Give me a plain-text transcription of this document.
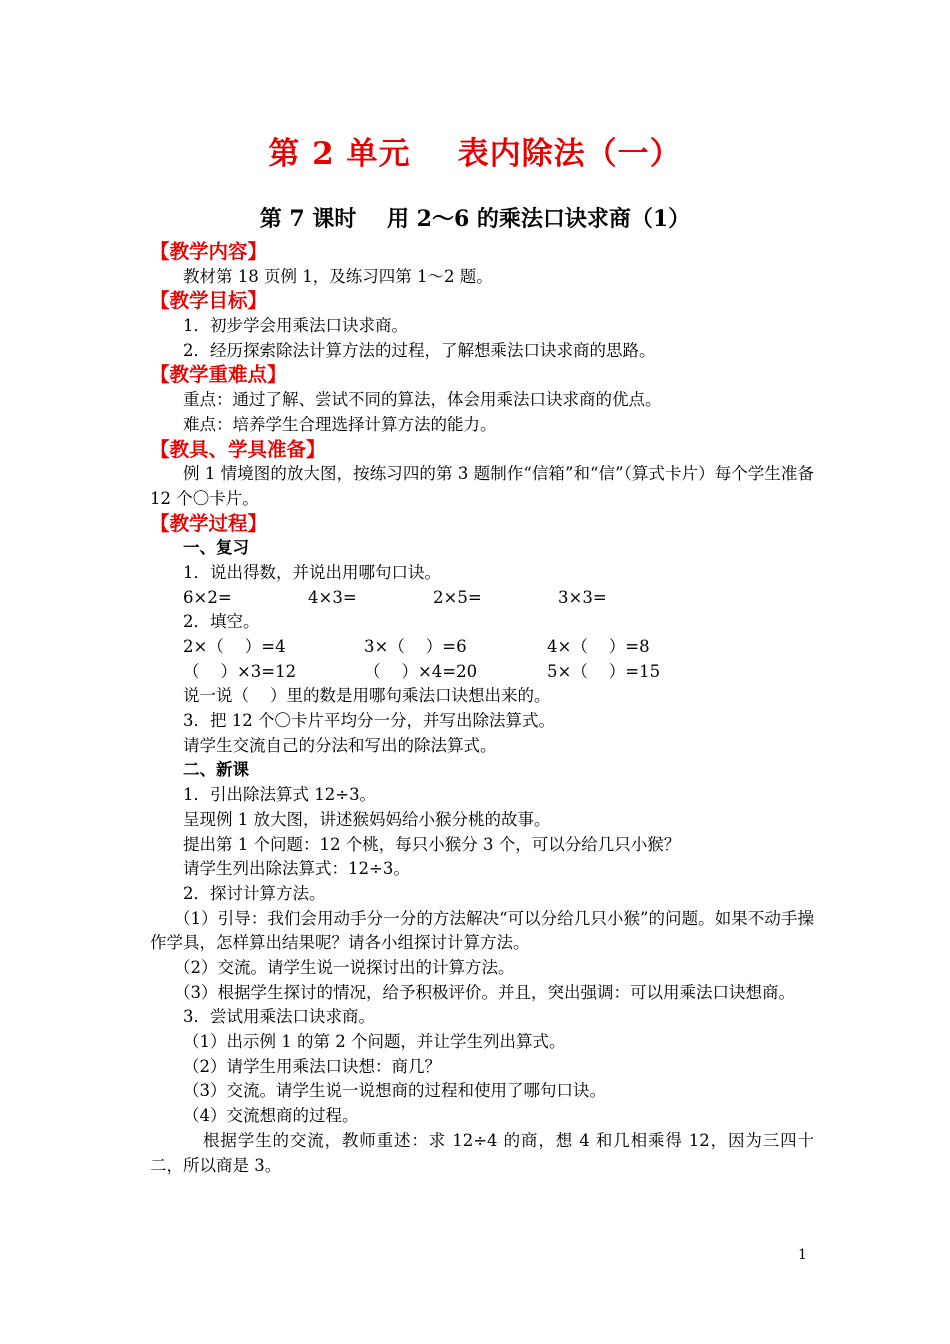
第 2 单元    表内除法（一）
第 7 课时    用 2～6 的乘法口诀求商（1）
【教学内容】
教材第 18 页例 1，及练习四第 1～2 题。
【教学目标】
1．初步学会用乘法口诀求商。
2．经历探索除法计算方法的过程，了解想乘法口诀求商的思路。
【教学重难点】
重点：通过了解、尝试不同的算法，体会用乘法口诀求商的优点。
难点：培养学生合理选择计算方法的能力。
【教具、学具准备】
例 1 情境图的放大图，按练习四的第 3 题制作“信箱”和“信”（算式卡片）每个学生准备 12 个〇卡片。
【教学过程】
一、复习
1．说出得数，并说出用哪句口诀。
6×2=	4×3=	2×5=	3×3=
2．填空。
2×（    ）=4	3×（    ）=6	4×（    ）=8
（    ）×3=12	（    ）×4=20	5×（    ）=15
说一说（    ）里的数是用哪句乘法口诀想出来的。
3．把 12 个〇卡片平均分一分，并写出除法算式。
请学生交流自己的分法和写出的除法算式。
二、新课
1．引出除法算式 12÷3。
呈现例 1 放大图，讲述猴妈妈给小猴分桃的故事。
提出第 1 个问题：12 个桃，每只小猴分 3 个，可以分给几只小猴？
请学生列出除法算式：12÷3。
2．探讨计算方法。
（1）引导：我们会用动手分一分的方法解决“可以分给几只小猴”的问题。如果不动手操作学具，怎样算出结果呢？请各小组探讨计算方法。
（2）交流。请学生说一说探讨出的计算方法。
（3）根据学生探讨的情况，给予积极评价。并且，突出强调：可以用乘法口诀想商。
3．尝试用乘法口诀求商。
（1）出示例 1 的第 2 个问题，并让学生列出算式。
（2）请学生用乘法口诀想：商几？
（3）交流。请学生说一说想商的过程和使用了哪句口诀。
（4）交流想商的过程。
根据学生的交流，教师重述：求 12÷4 的商，想 4 和几相乘得 12，因为三四十二，所以商是 3。
1
